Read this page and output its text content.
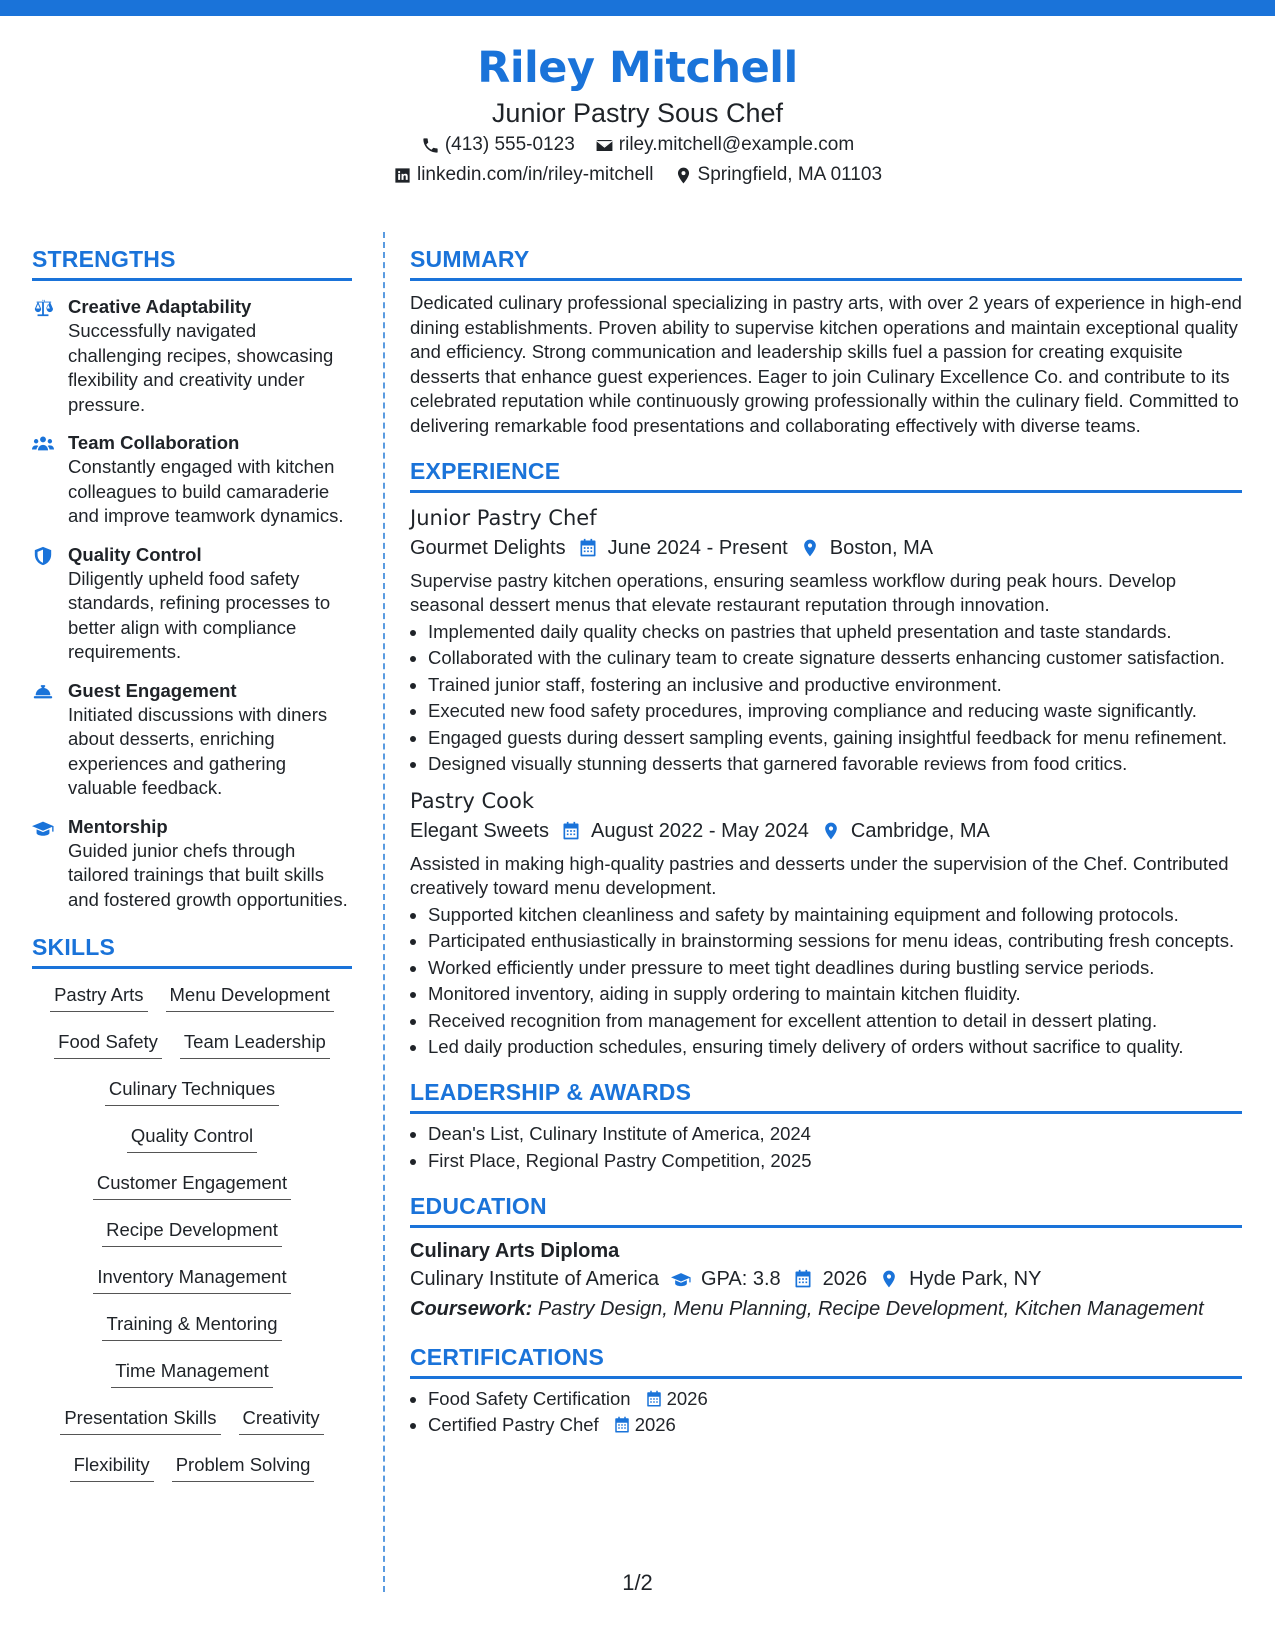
Riley Mitchell
Junior Pastry Sous Chef
(413) 555-0123 riley.mitchell@example.com
linkedin.com/in/riley-mitchell Springfield, MA 01103
STRENGTHS
Creative Adaptability
Successfully navigated challenging recipes, showcasing flexibility and creativity under pressure.
Team Collaboration
Constantly engaged with kitchen colleagues to build camaraderie and improve teamwork dynamics.
Quality Control
Diligently upheld food safety standards, refining processes to better align with compliance requirements.
Guest Engagement
Initiated discussions with diners about desserts, enriching experiences and gathering valuable feedback.
Mentorship
Guided junior chefs through tailored trainings that built skills and fostered growth opportunities.
SKILLS
Pastry Arts Menu Development
Food Safety Team Leadership
Culinary Techniques
Quality Control
Customer Engagement
Recipe Development
Inventory Management
Training & Mentoring
Time Management
Presentation Skills Creativity
Flexibility Problem Solving
SUMMARY
Dedicated culinary professional specializing in pastry arts, with over 2 years of experience in high-end dining establishments. Proven ability to supervise kitchen operations and maintain exceptional quality and efficiency. Strong communication and leadership skills fuel a passion for creating exquisite desserts that enhance guest experiences. Eager to join Culinary Excellence Co. and contribute to its celebrated reputation while continuously growing professionally within the culinary field. Committed to delivering remarkable food presentations and collaborating effectively with diverse teams.
EXPERIENCE
Junior Pastry Chef
Gourmet Delights June 2024 - Present Boston, MA
Supervise pastry kitchen operations, ensuring seamless workflow during peak hours. Develop seasonal dessert menus that elevate restaurant reputation through innovation.
• Implemented daily quality checks on pastries that upheld presentation and taste standards.
• Collaborated with the culinary team to create signature desserts enhancing customer satisfaction.
• Trained junior staff, fostering an inclusive and productive environment.
• Executed new food safety procedures, improving compliance and reducing waste significantly.
• Engaged guests during dessert sampling events, gaining insightful feedback for menu refinement.
• Designed visually stunning desserts that garnered favorable reviews from food critics.
Pastry Cook
Elegant Sweets August 2022 - May 2024 Cambridge, MA
Assisted in making high-quality pastries and desserts under the supervision of the Chef. Contributed creatively toward menu development.
• Supported kitchen cleanliness and safety by maintaining equipment and following protocols.
• Participated enthusiastically in brainstorming sessions for menu ideas, contributing fresh concepts.
• Worked efficiently under pressure to meet tight deadlines during bustling service periods.
• Monitored inventory, aiding in supply ordering to maintain kitchen fluidity.
• Received recognition from management for excellent attention to detail in dessert plating.
• Led daily production schedules, ensuring timely delivery of orders without sacrifice to quality.
LEADERSHIP & AWARDS
• Dean's List, Culinary Institute of America, 2024
• First Place, Regional Pastry Competition, 2025
EDUCATION
Culinary Arts Diploma
Culinary Institute of America GPA: 3.8 2026 Hyde Park, NY
Coursework: Pastry Design, Menu Planning, Recipe Development, Kitchen Management
CERTIFICATIONS
• Food Safety Certification 2026
• Certified Pastry Chef 2026
1/2
